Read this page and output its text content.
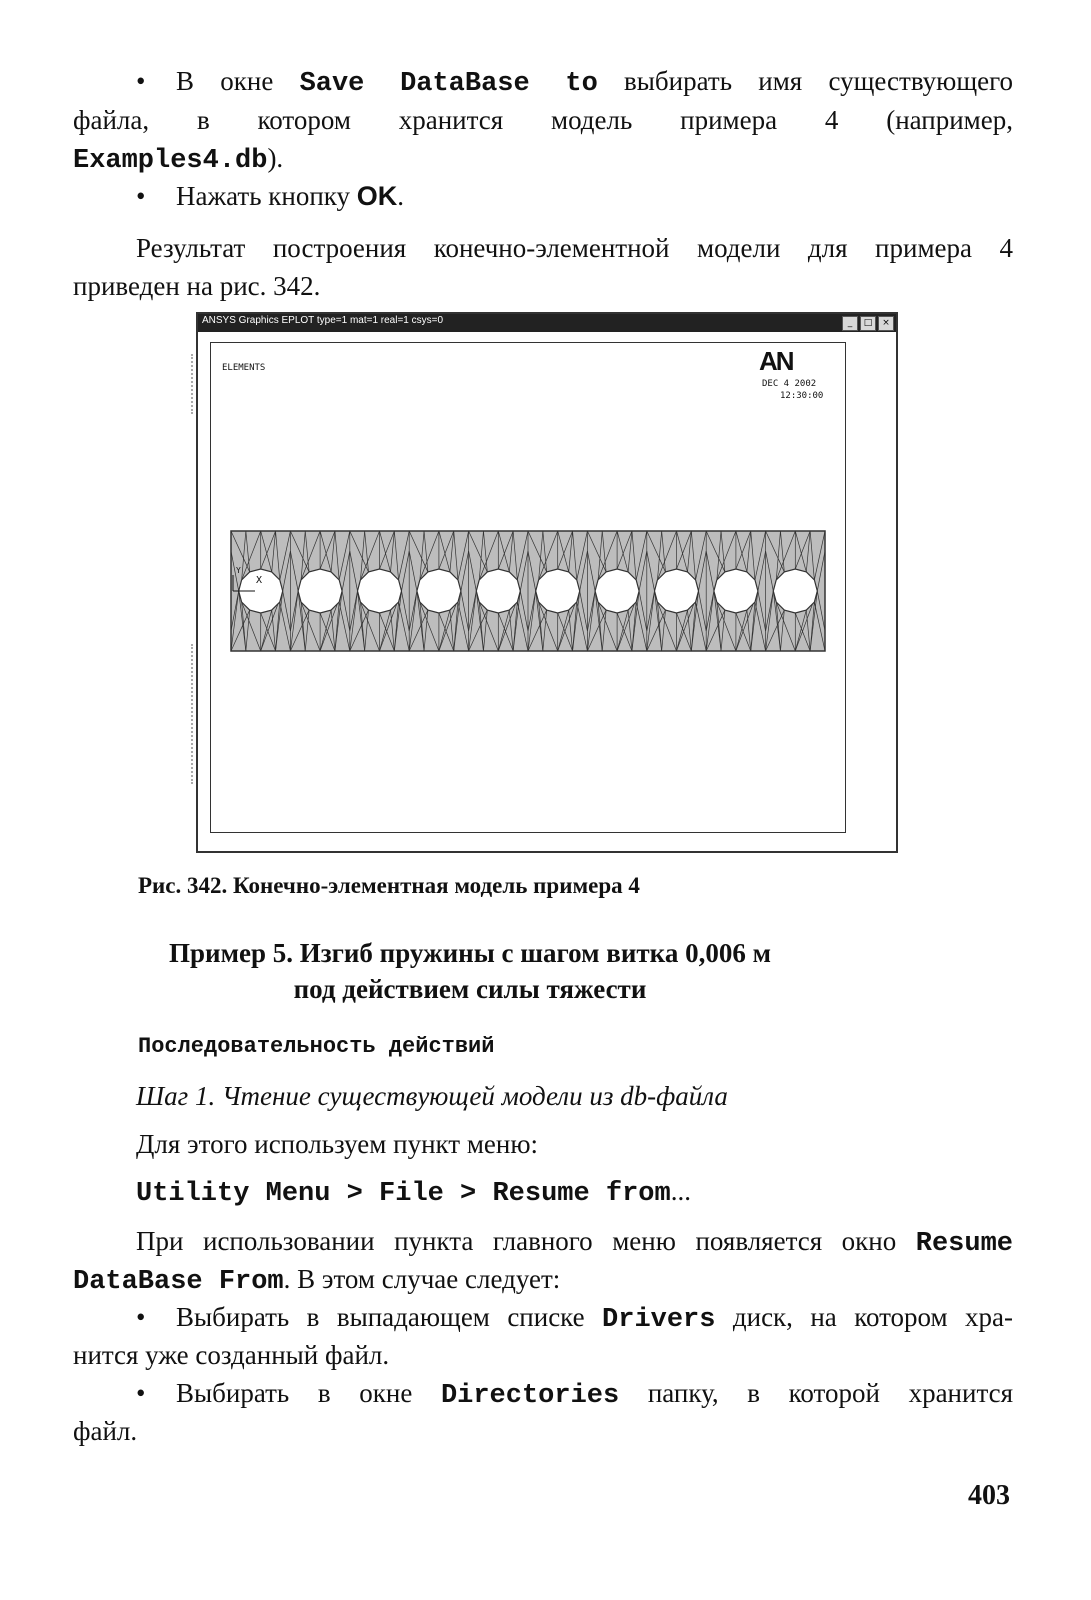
• В окне Save DataBase to выбирать имя существующего

файла, в котором хранится модель примера 4 (например,

Examples4.db).

• Нажать кнопку OK.

Результат построения конечно-элементной модели для примера 4

приведен на рис. 342.

ANSYS Graphics EPLOT type=1 mat=1 real=1 csys=0	_	□	×
ELEMENTS	AN
DEC 4 2002
12:30:00
X
Y
Рис. 342. Конечно-элементная модель примера 4
Пример 5. Изгиб пружины с шагом витка 0,006 м
под действием силы тяжести
Последовательность действий

Шаг 1. Чтение существующей модели из db-файла

Для этого используем пункт меню:

Utility Menu > File > Resume from...

При использовании пункта главного меню появляется окно Resume

DataBase From. В этом случае следует:

• Выбирать в выпадающем списке Drivers диск, на котором хра-

нится уже созданный файл.

• Выбирать в окне Directories папку, в которой хранится

файл.

403
